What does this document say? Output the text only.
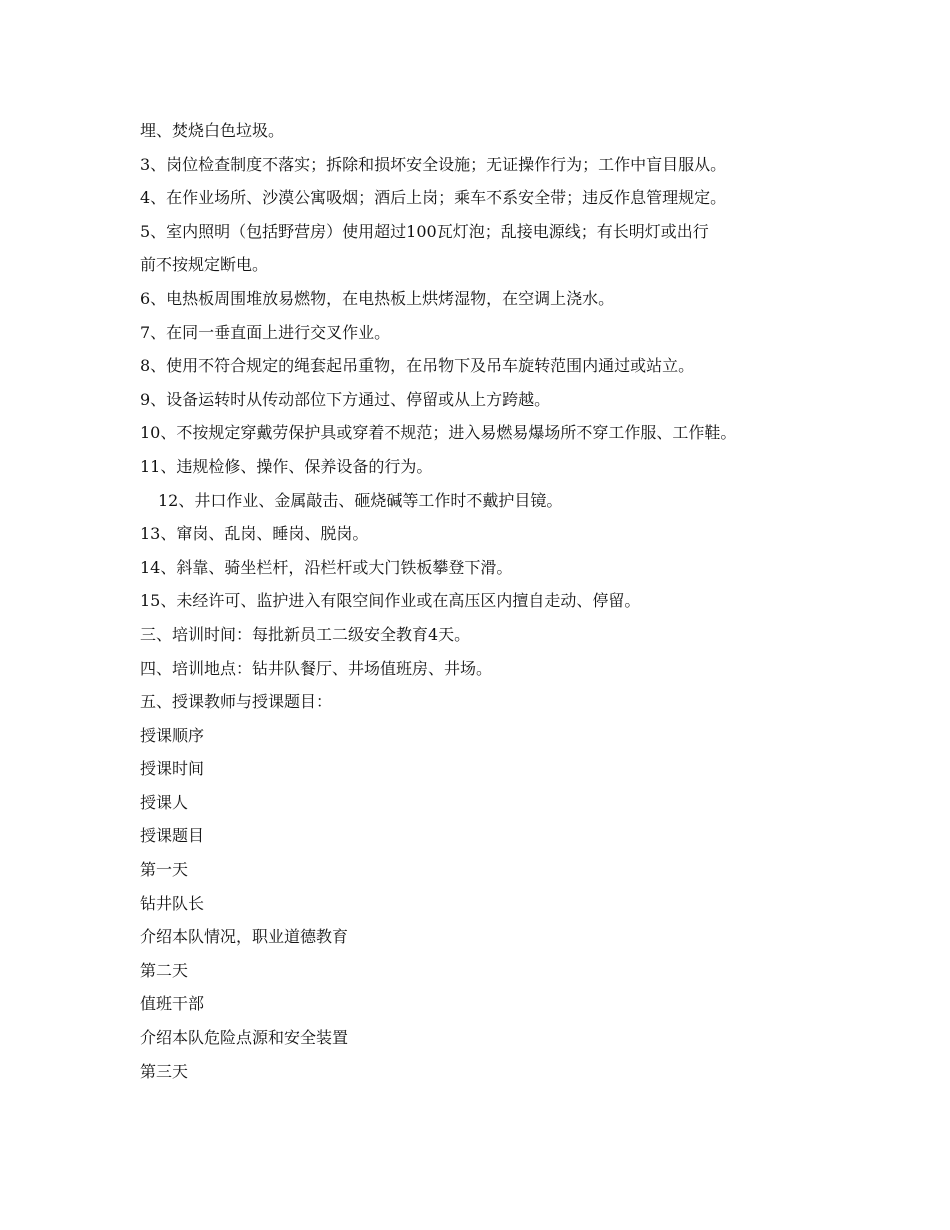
埋、焚烧白色垃圾。
3、岗位检查制度不落实；拆除和损坏安全设施；无证操作行为；工作中盲目服从。
4、在作业场所、沙漠公寓吸烟；酒后上岗；乘车不系安全带；违反作息管理规定。
5、室内照明（包括野营房）使用超过100瓦灯泡；乱接电源线；有长明灯或出行
前不按规定断电。
6、电热板周围堆放易燃物，在电热板上烘烤湿物，在空调上浇水。
7、在同一垂直面上进行交叉作业。
8、使用不符合规定的绳套起吊重物，在吊物下及吊车旋转范围内通过或站立。
9、设备运转时从传动部位下方通过、停留或从上方跨越。
10、不按规定穿戴劳保护具或穿着不规范；进入易燃易爆场所不穿工作服、工作鞋。
11、违规检修、操作、保养设备的行为。
12、井口作业、金属敲击、砸烧碱等工作时不戴护目镜。
13、窜岗、乱岗、睡岗、脱岗。
14、斜靠、骑坐栏杆，沿栏杆或大门铁板攀登下滑。
15、未经许可、监护进入有限空间作业或在高压区内擅自走动、停留。
三、培训时间：每批新员工二级安全教育4天。
四、培训地点：钻井队餐厅、井场值班房、井场。
五、授课教师与授课题目：
授课顺序
授课时间
授课人
授课题目
第一天
钻井队长
介绍本队情况，职业道德教育
第二天
值班干部
介绍本队危险点源和安全装置
第三天
